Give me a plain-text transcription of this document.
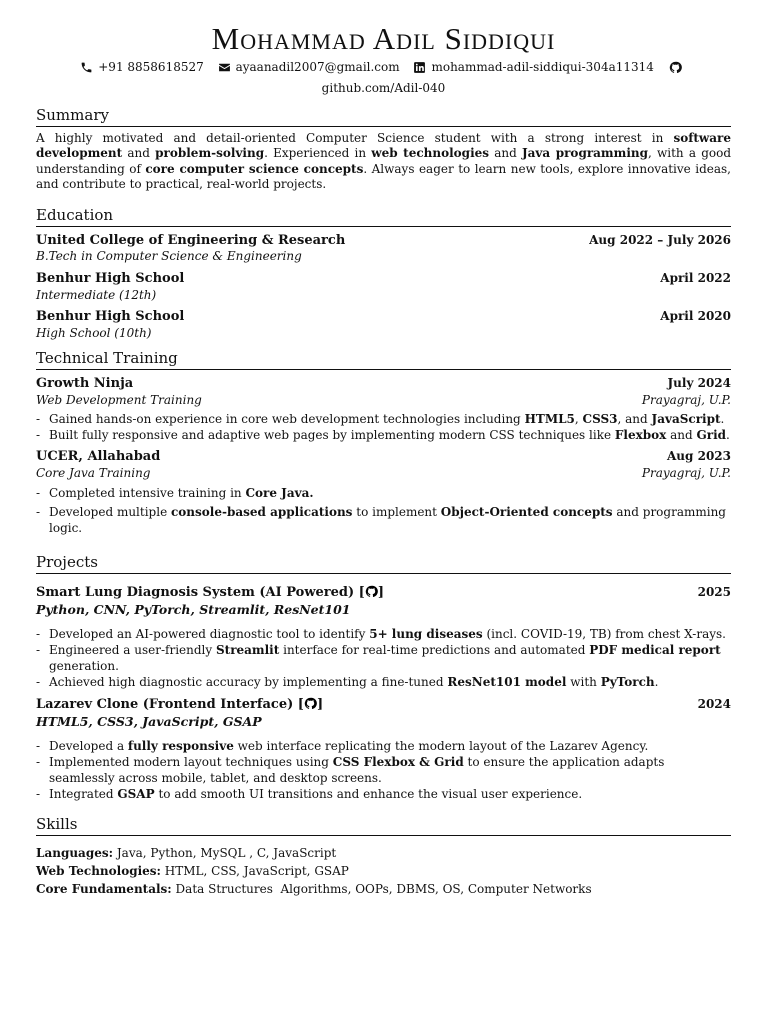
Mohammad Adil Siddiqui
+91 8858618527
	ayaanadil2007@gmail.com
	mohammad-adil-siddiqui-304a11314

github.com/Adil-040
Summary
A highly motivated and detail-oriented Computer Science student with a strong interest in software development and problem-solving. Experienced in web technologies and Java programming, with a good understanding of core computer science concepts. Always eager to learn new tools, explore innovative ideas, and contribute to practical, real-world projects.
Education
United College of Engineering & Research	Aug 2022 – July 2026
B.Tech in Computer Science & Engineering
Benhur High School	April 2022
Intermediate (12th)
Benhur High School	April 2020
High School (10th)
Technical Training
Growth Ninja	July 2024
Web Development Training	Prayagraj, U.P.
- Gained hands-on experience in core web development technologies including HTML5, CSS3, and JavaScript.
- Built fully responsive and adaptive web pages by implementing modern CSS techniques like Flexbox and Grid.
UCER, Allahabad	Aug 2023
Core Java Training	Prayagraj, U.P.
- Completed intensive training in Core Java.
- Developed multiple console-based applications to implement Object-Oriented concepts and programming logic.
Projects
Smart Lung Diagnosis System (AI Powered) [ ]	2025
Python, CNN, PyTorch, Streamlit, ResNet101
- Developed an AI-powered diagnostic tool to identify 5+ lung diseases (incl. COVID-19, TB) from chest X-rays.
- Engineered a user-friendly Streamlit interface for real-time predictions and automated PDF medical report generation.
- Achieved high diagnostic accuracy by implementing a fine-tuned ResNet101 model with PyTorch.
Lazarev Clone (Frontend Interface) [ ]	2024
HTML5, CSS3, JavaScript, GSAP
- Developed a fully responsive web interface replicating the modern layout of the Lazarev Agency.
- Implemented modern layout techniques using CSS Flexbox & Grid to ensure the application adapts seamlessly across mobile, tablet, and desktop screens.
- Integrated GSAP to add smooth UI transitions and enhance the visual user experience.
Skills
Languages: Java, Python, MySQL , C, JavaScript
Web Technologies: HTML, CSS, JavaScript, GSAP
Core Fundamentals: Data Structures  Algorithms, OOPs, DBMS, OS, Computer Networks
